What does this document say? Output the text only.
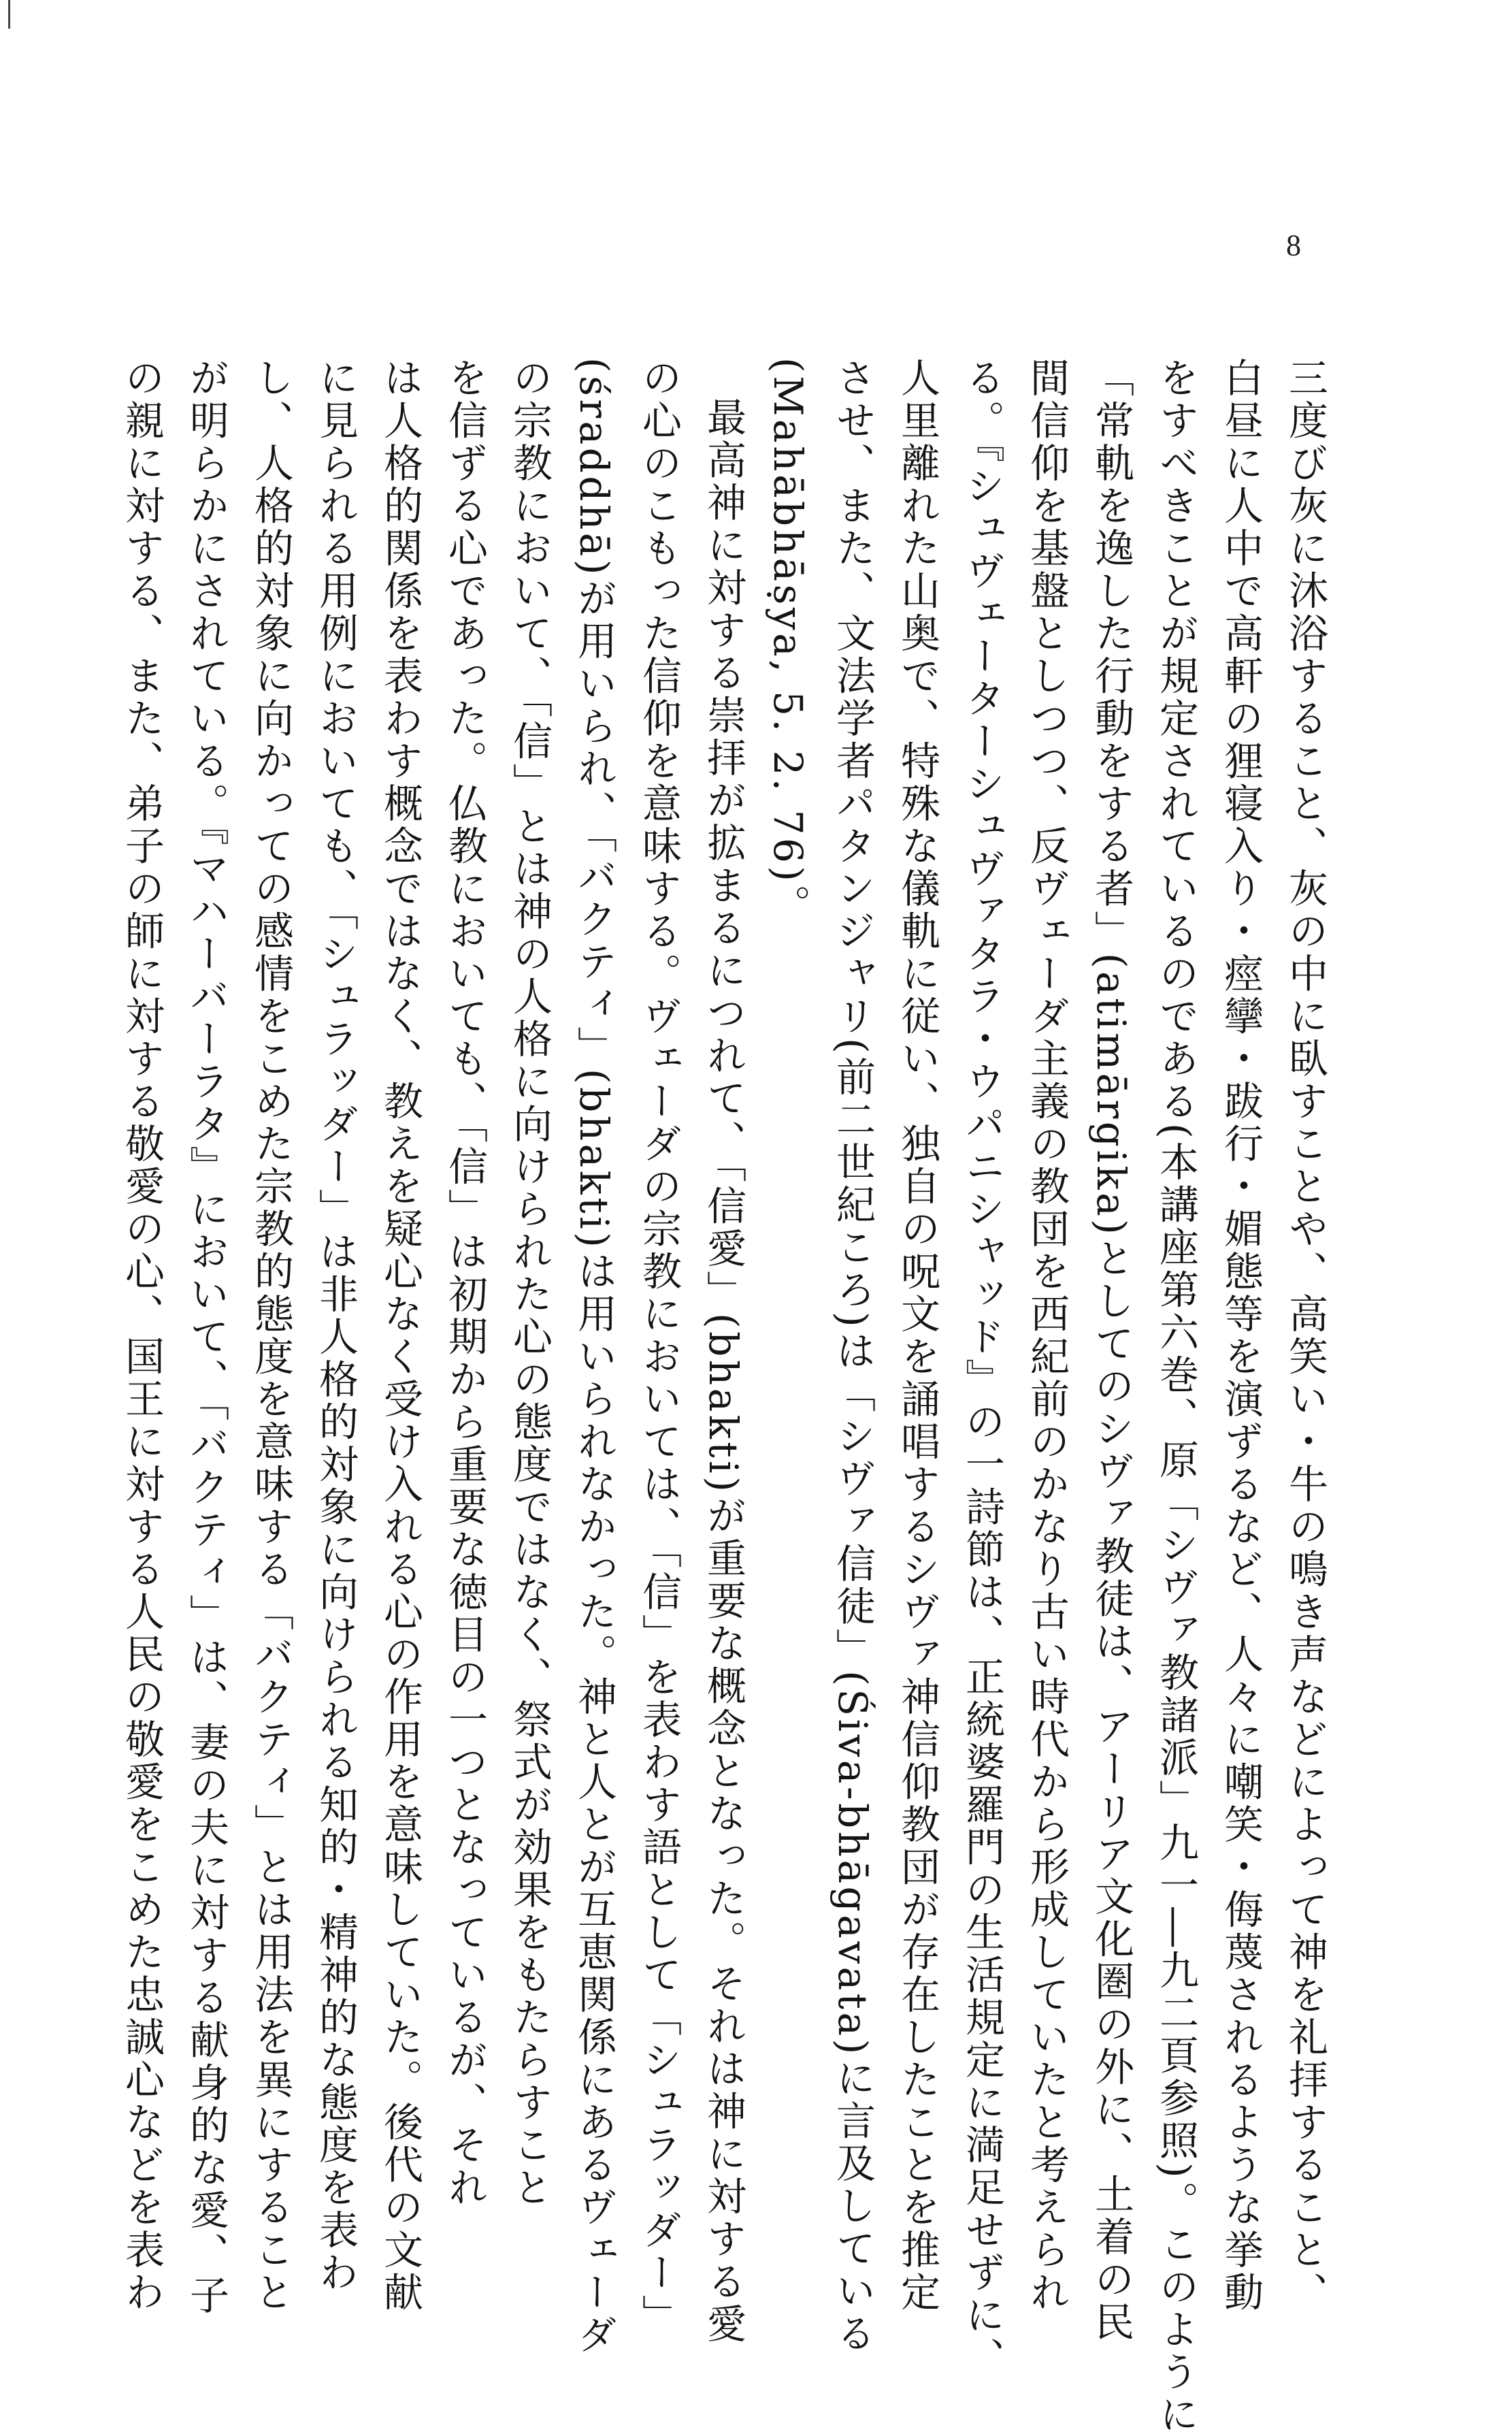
8
三度び灰に沐浴すること、灰の中に臥すことや、高笑い・牛の鳴き声などによって神を礼拝すること、
白昼に人中で高軒の狸寝入り・痙攣・跋行・媚態等を演ずるなど、人々に嘲笑・侮蔑されるような挙動
をすべきことが規定されているのである(本講座第六巻、原「シヴァ教諸派」九一―九二頁参照)。このように
「常軌を逸した行動をする者」(atimārgika)としてのシヴァ教徒は、アーリア文化圏の外に、土着の民
間信仰を基盤としつつ、反ヴェーダ主義の教団を西紀前のかなり古い時代から形成していたと考えられ
る。『シュヴェーターシュヴァタラ・ウパニシャッド』の一詩節は、正統婆羅門の生活規定に満足せずに、
人里離れた山奥で、特殊な儀軌に従い、独自の呪文を誦唱するシヴァ神信仰教団が存在したことを推定
させ、また、文法学者パタンジャリ(前二世紀ころ)は「シヴァ信徒」(Śiva-bhāgavata)に言及している
(Mahābhāṣya, 5. 2. 76)。
最高神に対する崇拝が拡まるにつれて、「信愛」(bhakti)が重要な概念となった。それは神に対する愛
の心のこもった信仰を意味する。ヴェーダの宗教においては、「信」を表わす語として「シュラッダー」
(śraddhā)が用いられ、「バクティ」(bhakti)は用いられなかった。神と人とが互恵関係にあるヴェーダ
の宗教において、「信」とは神の人格に向けられた心の態度ではなく、祭式が効果をもたらすこと
を信ずる心であった。仏教においても、「信」は初期から重要な徳目の一つとなっているが、それ
は人格的関係を表わす概念ではなく、教えを疑心なく受け入れる心の作用を意味していた。後代の文献
に見られる用例においても、「シュラッダー」は非人格的対象に向けられる知的・精神的な態度を表わ
し、人格的対象に向かっての感情をこめた宗教的態度を意味する「バクティ」とは用法を異にすること
が明らかにされている。『マハーバーラタ』において、「バクティ」は、妻の夫に対する献身的な愛、子
の親に対する、また、弟子の師に対する敬愛の心、国王に対する人民の敬愛をこめた忠誠心などを表わ
